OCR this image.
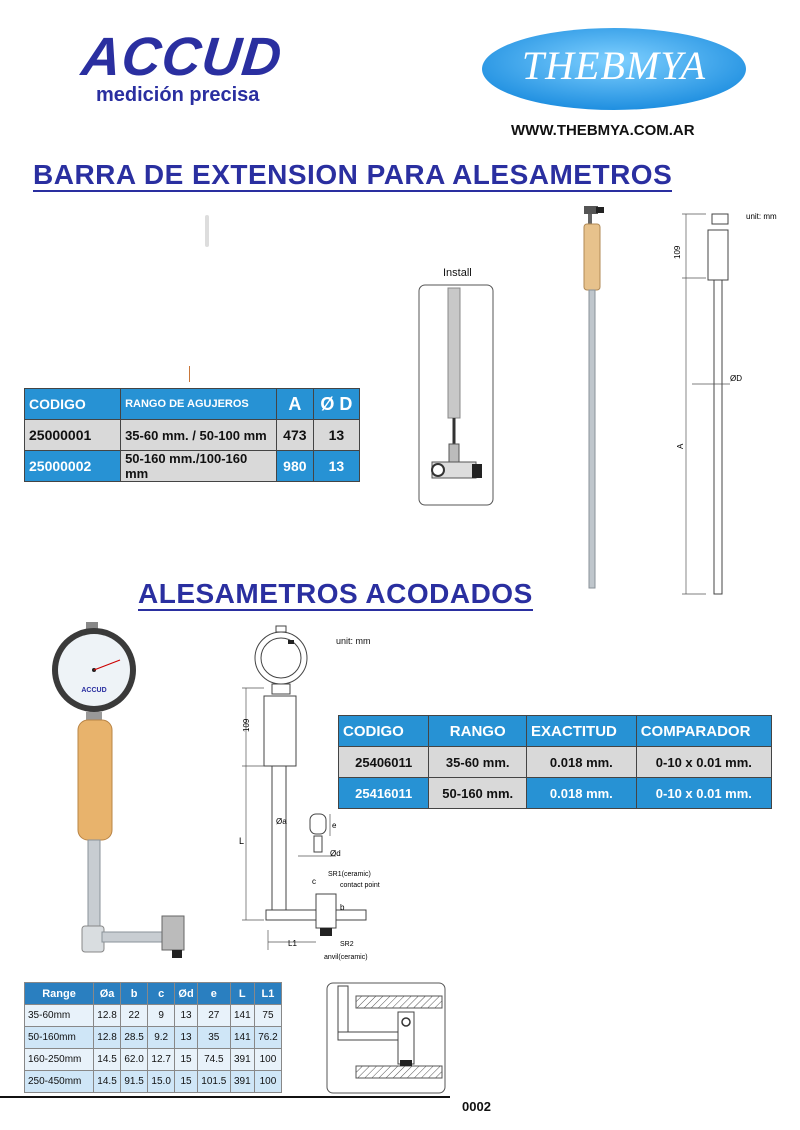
ACCUD
medición precisa
THEBMYA
WWW.THEBMYA.COM.AR
BARRA DE EXTENSION PARA ALESAMETROS
CODIGO	RANGO DE AGUJEROS	A	Ø D
25000001	35-60 mm. / 50-100 mm	473	13
25000002	50-160 mm./100-160 mm	980	13
Install
109
ØD
A
unit: mm
ALESAMETROS ACODADOS
ACCUD
109
L
Øa	e
Ød
SR1(ceramic)
contact point
c
b
L1	SR2
anvil(ceramic)
unit: mm
CODIGO	RANGO	EXACTITUD	COMPARADOR
25406011	35-60 mm.	0.018 mm.	0-10 x 0.01 mm.
25416011	50-160 mm.	0.018 mm.	0-10 x 0.01 mm.
Range	Øa	b	c	Ød	e	L	L1
35-60mm	12.8	22	9	13	27	141	75
50-160mm	12.8	28.5	9.2	13	35	141	76.2
160-250mm	14.5	62.0	12.7	15	74.5	391	100
250-450mm	14.5	91.5	15.0	15	101.5	391	100
0002
